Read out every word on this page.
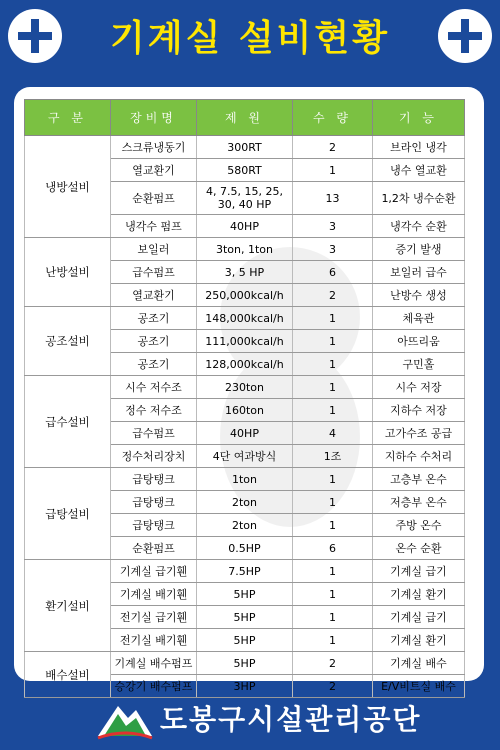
기계실 설비현황
구 분	장비명	제 원	수 량	기 능
냉방설비	스크류냉동기	300RT	2	브라인 냉각
	열교환기	580RT	1	냉수 열교환
	순환펌프	4, 7.5, 15, 25, 30, 40 HP	13	1,2차 냉수순환
	냉각수 펌프	40HP	3	냉각수 순환
난방설비	보일러	3ton, 1ton	3	증기 발생
	급수펌프	3, 5 HP	6	보일러 급수
	열교환기	250,000kcal/h	2	난방수 생성
공조설비	공조기	148,000kcal/h	1	체육관
	공조기	111,000kcal/h	1	아뜨리움
	공조기	128,000kcal/h	1	구민홀
급수설비	시수 저수조	230ton	1	시수 저장
	정수 저수조	160ton	1	지하수 저장
	급수펌프	40HP	4	고가수조 공급
	정수처리장치	4단 여과방식	1조	지하수 수처리
급탕설비	급탕탱크	1ton	1	고층부 온수
	급탕탱크	2ton	1	저층부 온수
	급탕탱크	2ton	1	주방 온수
	순환펌프	0.5HP	6	온수 순환
환기설비	기계실 급기휀	7.5HP	1	기계실 급기
	기계실 배기휀	5HP	1	기계실 환기
	전기실 급기휀	5HP	1	기계실 급기
	전기실 배기휀	5HP	1	기계실 환기
배수설비	기계실 배수펌프	5HP	2	기계실 배수
	승강기 배수펌프	3HP	2	E/V비트실 배수
도봉구시설관리공단
